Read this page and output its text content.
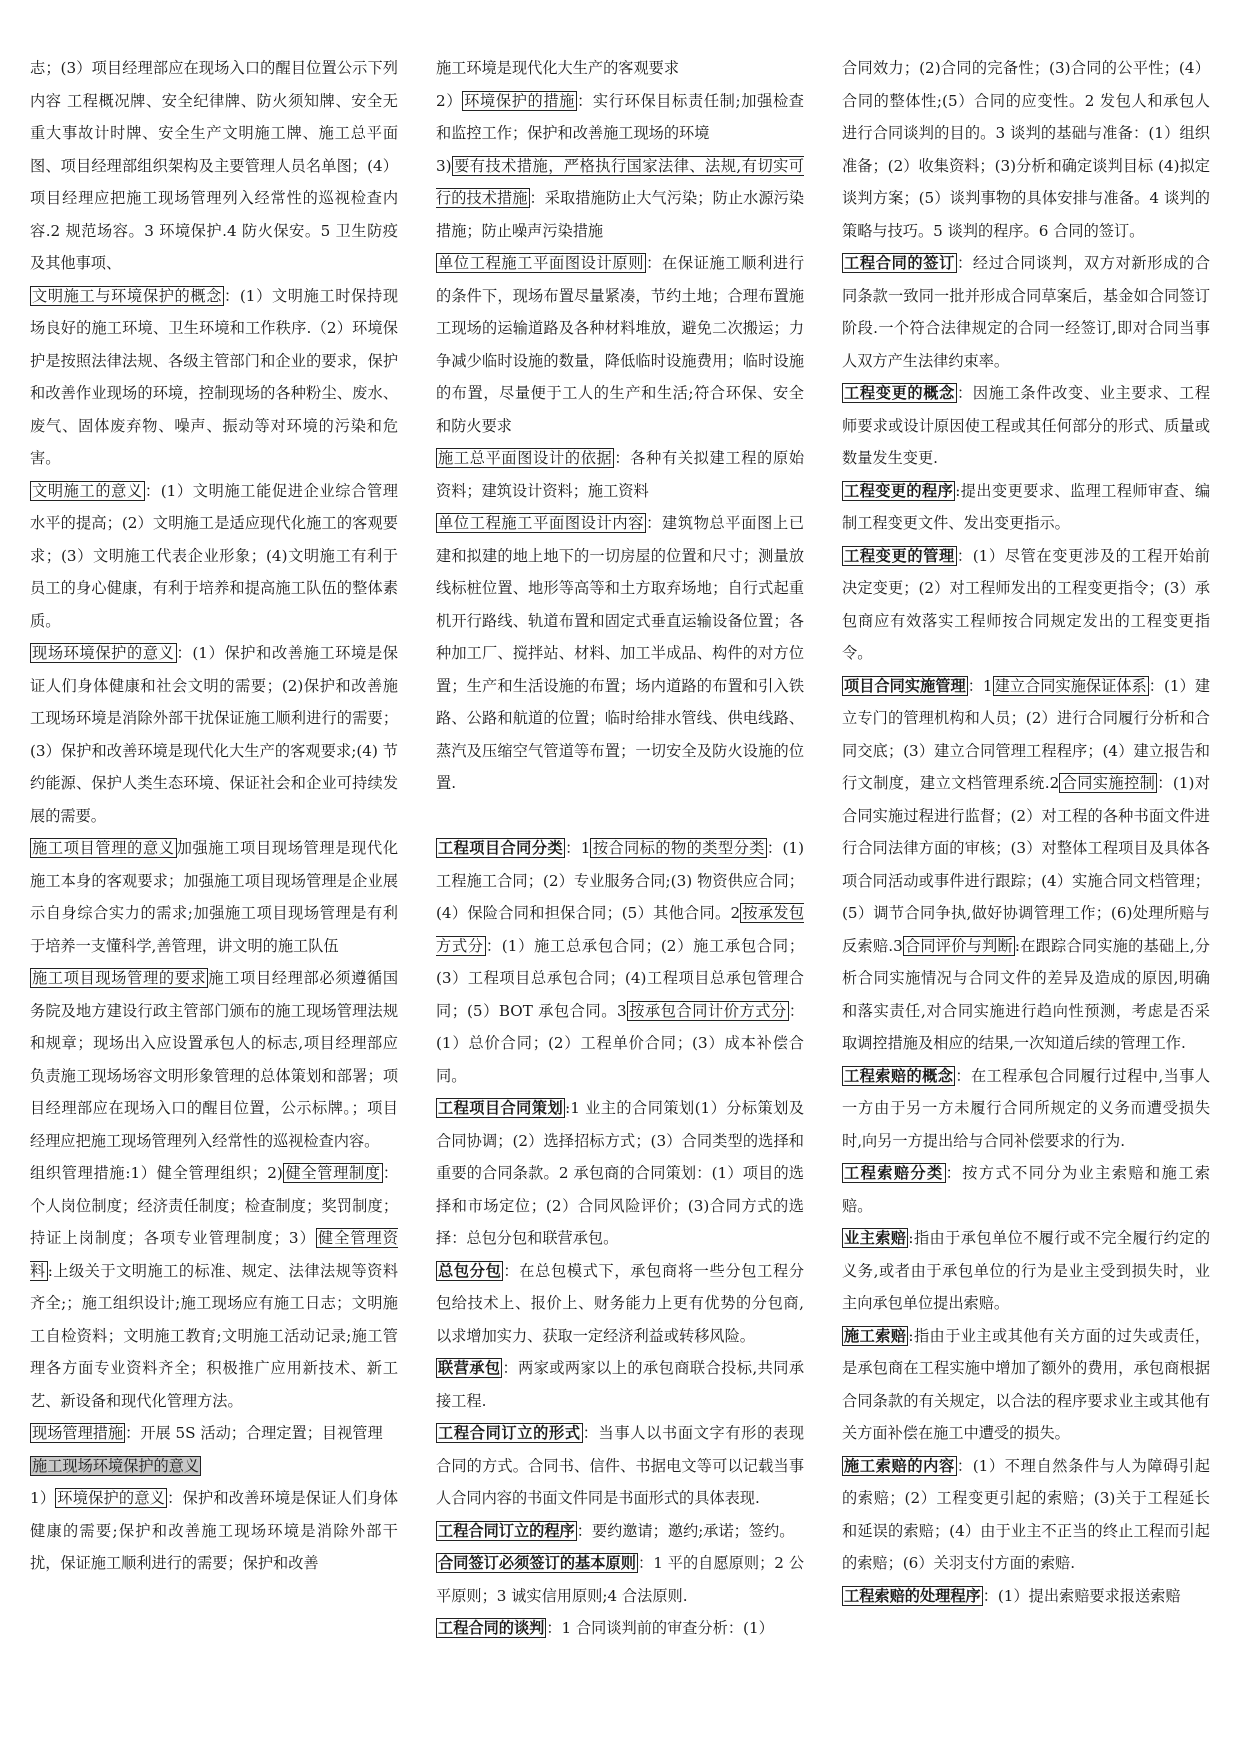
志；(3）项目经理部应在现场入口的醒目位置公示下列内容 工程概况牌、安全纪律牌、防火须知牌、安全无重大事故计时牌、安全生产文明施工牌、施工总平面图、项目经理部组织架构及主要管理人员名单图；(4）项目经理应把施工现场管理列入经常性的巡视检查内容.2 规范场容。3 环境保护.4 防火保安。5 卫生防疫及其他事项、

文明施工与环境保护的概念 ：(1）文明施工时保持现场良好的施工环境、卫生环境和工作秩序.（2）环境保护是按照法律法规、各级主管部门和企业的要求，保护和改善作业现场的环境，控制现场的各种粉尘、废水、废气、固体废弃物、噪声、振动等对环境的污染和危害。

文明施工的意义 ：(1）文明施工能促进企业综合管理水平的提高；(2）文明施工是适应现代化施工的客观要求；(3）文明施工代表企业形象；(4)文明施工有利于员工的身心健康，有利于培养和提高施工队伍的整体素质。

现场环境保护的意义 ：(1）保护和改善施工环境是保证人们身体健康和社会文明的需要；(2)保护和改善施工现场环境是消除外部干扰保证施工顺利进行的需要；(3）保护和改善环境是现代化大生产的客观要求;(4) 节约能源、保护人类生态环境、保证社会和企业可持续发展的需要。

施工项目管理的意义 加强施工项目现场管理是现代化施工本身的客观要求；加强施工项目现场管理是企业展示自身综合实力的需求;加强施工项目现场管理是有利于培养一支懂科学,善管理，讲文明的施工队伍

施工项目现场管理的要求 施工项目经理部必须遵循国务院及地方建设行政主管部门颁布的施工现场管理法规和规章；现场出入应设置承包人的标志,项目经理部应负责施工现场场容文明形象管理的总体策划和部署；项目经理部应在现场入口的醒目位置，公示标牌。；项目经理应把施工现场管理列入经常性的巡视检查内容。

组织管理措施:1）健全管理组织；2) 健全管理制度 ：个人岗位制度；经济责任制度；检查制度；奖罚制度；持证上岗制度；各项专业管理制度；3） 健全管理资料 :上级关于文明施工的标准、规定、法律法规等资料齐全;；施工组织设计;施工现场应有施工日志；文明施工自检资料；文明施工教育;文明施工活动记录;施工管理各方面专业资料齐全；积极推广应用新技术、新工艺、新设备和现代化管理方法。

现场管理措施 ：开展 5S 活动；合理定置；目视管理

施工现场环境保护的意义

1） 环境保护的意义 ：保护和改善环境是保证人们身体健康的需要;保护和改善施工现场环境是消除外部干扰，保证施工顺利进行的需要；保护和改善

施工环境是现代化大生产的客观要求

2） 环境保护的措施 ：实行环保目标责任制;加强检查和监控工作；保护和改善施工现场的环境

3) 要有技术措施，严格执行国家法律、法规,有切实可行的技术措施 ：采取措施防止大气污染；防止水源污染措施；防止噪声污染措施

单位工程施工平面图设计原则 ：在保证施工顺利进行的条件下，现场布置尽量紧凑，节约土地；合理布置施工现场的运输道路及各种材料堆放，避免二次搬运；力争减少临时设施的数量，降低临时设施费用；临时设施的布置，尽量便于工人的生产和生活;符合环保、安全和防火要求

施工总平面图设计的依据 ：各种有关拟建工程的原始资料；建筑设计资料；施工资料

单位工程施工平面图设计内容 ：建筑物总平面图上已建和拟建的地上地下的一切房屋的位置和尺寸；测量放线标桩位置、地形等高等和土方取弃场地；自行式起重机开行路线、轨道布置和固定式垂直运输设备位置；各种加工厂、搅拌站、材料、加工半成品、构件的对方位置；生产和生活设施的布置；场内道路的布置和引入铁路、公路和航道的位置；临时给排水管线、供电线路、蒸汽及压缩空气管道等布置；一切安全及防火设施的位置.

工程项目合同分类 ：1 按合同标的物的类型分类 ：(1)工程施工合同；(2）专业服务合同;(3) 物资供应合同；(4）保险合同和担保合同；(5）其他合同。2 按承发包方式分 ：(1）施工总承包合同；(2）施工承包合同；(3）工程项目总承包合同；(4)工程项目总承包管理合同；(5）BOT 承包合同。3 按承包合同计价方式分 ：(1）总价合同；(2）工程单价合同；(3）成本补偿合同。

工程项目合同策划 :1 业主的合同策划(1）分标策划及合同协调；(2）选择招标方式；(3）合同类型的选择和重要的合同条款。2 承包商的合同策划：(1）项目的选择和市场定位；(2）合同风险评价；(3)合同方式的选择：总包分包和联营承包。

总包分包 ：在总包模式下，承包商将一些分包工程分包给技术上、报价上、财务能力上更有优势的分包商,以求增加实力、获取一定经济利益或转移风险。

联营承包 ：两家或两家以上的承包商联合投标,共同承接工程.

工程合同订立的形式 ：当事人以书面文字有形的表现合同的方式。合同书、信件、书据电文等可以记载当事人合同内容的书面文件同是书面形式的具体表现.

工程合同订立的程序 ：要约邀请；邀约;承诺；签约。

合同签订必须签订的基本原则 ：1 平的自愿原则；2 公平原则；3 诚实信用原则;4 合法原则.

工程合同的谈判 ：1 合同谈判前的审查分析：(1）

合同效力；(2)合同的完备性；(3)合同的公平性；(4）合同的整体性;(5）合同的应变性。2 发包人和承包人进行合同谈判的目的。3 谈判的基础与准备：(1）组织准备；(2）收集资料；(3)分析和确定谈判目标 (4)拟定谈判方案；(5）谈判事物的具体安排与准备。4 谈判的策略与技巧。5 谈判的程序。6 合同的签订。

工程合同的签订 ：经过合同谈判，双方对新形成的合同条款一致同一批并形成合同草案后，基金如合同签订阶段.一个符合法律规定的合同一经签订,即对合同当事人双方产生法律约束率。

工程变更的概念 ：因施工条件改变、业主要求、工程师要求或设计原因使工程或其任何部分的形式、质量或数量发生变更.

工程变更的程序 :提出变更要求、监理工程师审查、编制工程变更文件、发出变更指示。

工程变更的管理 ：(1）尽管在变更涉及的工程开始前决定变更；(2）对工程师发出的工程变更指令；(3）承包商应有效落实工程师按合同规定发出的工程变更指令。

项目合同实施管理 ：1 建立合同实施保证体系 ：(1）建立专门的管理机构和人员；(2）进行合同履行分析和合同交底；(3）建立合同管理工程程序；(4）建立报告和行文制度，建立文档管理系统.2 合同实施控制 ：(1)对合同实施过程进行监督；(2）对工程的各种书面文件进行合同法律方面的审核；(3）对整体工程项目及具体各项合同活动或事件进行跟踪；(4）实施合同文档管理；(5）调节合同争执,做好协调管理工作；(6)处理所赔与反索赔.3 合同评价与判断 :在跟踪合同实施的基础上,分析合同实施情况与合同文件的差异及造成的原因,明确和落实责任,对合同实施进行趋向性预测，考虑是否采取调控措施及相应的结果,一次知道后续的管理工作.

工程索赔的概念 ：在工程承包合同履行过程中,当事人一方由于另一方未履行合同所规定的义务而遭受损失时,向另一方提出给与合同补偿要求的行为.

工程索赔分类 ：按方式不同分为业主索赔和施工索赔。

业主索赔 :指由于承包单位不履行或不完全履行约定的义务,或者由于承包单位的行为是业主受到损失时，业主向承包单位提出索赔。

施工索赔 :指由于业主或其他有关方面的过失或责任，是承包商在工程实施中增加了额外的费用，承包商根据合同条款的有关规定，以合法的程序要求业主或其他有关方面补偿在施工中遭受的损失。

施工索赔的内容 ：(1）不理自然条件与人为障碍引起的索赔；(2）工程变更引起的索赔；(3)关于工程延长和延误的索赔；(4）由于业主不正当的终止工程而引起的索赔；(6）关羽支付方面的索赔.

工程索赔的处理程序 ：(1）提出索赔要求报送索赔
